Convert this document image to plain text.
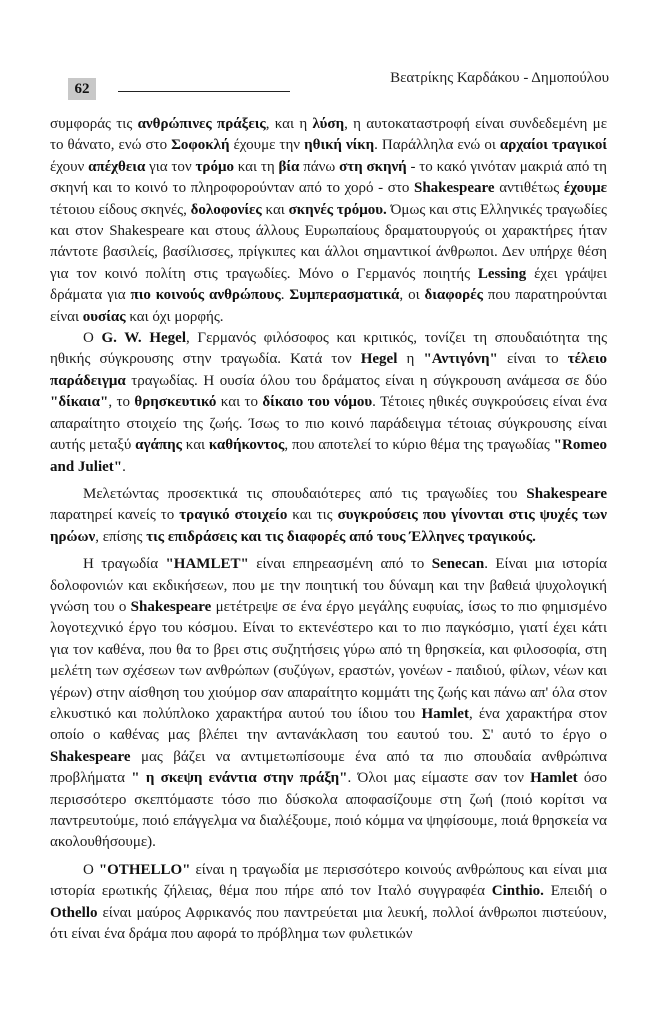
62
Βεατρίκης Καρδάκου - Δημοπούλου

συμφοράς τις ανθρώπινες πράξεις, και η λύση, η αυτοκαταστροφή είναι συνδεδεμένη με το θάνατο, ενώ στο Σοφοκλή έχουμε την ηθική νίκη. Παράλληλα ενώ οι αρχαίοι τραγικοί έχουν απέχθεια για τον τρόμο και τη βία πάνω στη σκηνή - το κακό γινόταν μακριά από τη σκηνή και το κοινό το πληροφορούνταν από το χορό - στο Shakespeare αντιθέτως έχουμε τέτοιου είδους σκηνές, δολοφονίες και σκηνές τρόμου. Όμως και στις Ελληνικές τραγωδίες και στον Shakespeare και στους άλλους Ευρωπαίους δραματουργούς οι χαρακτήρες ήταν πάντοτε βασιλείς, βασίλισσες, πρίγκιπες και άλλοι σημαντικοί άνθρωποι. Δεν υπήρχε θέση για τον κοινό πολίτη στις τραγωδίες. Μόνο ο Γερμανός ποιητής Lessing έχει γράψει δράματα για πιο κοινούς ανθρώπους. Συμπερασματικά, οι διαφορές που παρατηρούνται είναι ουσίας και όχι μορφής.

Ο G. W. Hegel, Γερμανός φιλόσοφος και κριτικός, τονίζει τη σπουδαιότητα της ηθικής σύγκρουσης στην τραγωδία. Κατά τον Hegel η "Αντιγόνη" είναι το τέλειο παράδειγμα τραγωδίας. Η ουσία όλου του δράματος είναι η σύγκρουση ανάμεσα σε δύο "δίκαια", το θρησκευτικό και το δίκαιο του νόμου. Τέτοιες ηθικές συγκρούσεις είναι ένα απαραίτητο στοιχείο της ζωής. Ίσως το πιο κοινό παράδειγμα τέτοιας σύγκρουσης είναι αυτής μεταξύ αγάπης και καθήκοντος, που αποτελεί το κύριο θέμα της τραγωδίας "Romeo and Juliet".

Μελετώντας προσεκτικά τις σπουδαιότερες από τις τραγωδίες του Shakespeare παρατηρεί κανείς το τραγικό στοιχείο και τις συγκρούσεις που γίνονται στις ψυχές των ηρώων, επίσης τις επιδράσεις και τις διαφορές από τους Έλληνες τραγικούς.

Η τραγωδία "HAMLET" είναι επηρεασμένη από το Senecan. Είναι μια ιστορία δολοφονιών και εκδικήσεων, που με την ποιητική του δύναμη και την βαθειά ψυχολογική γνώση του ο Shakespeare μετέτρεψε σε ένα έργο μεγάλης ευφυίας, ίσως το πιο φημισμένο λογοτεχνικό έργο του κόσμου. Είναι το εκτενέστερο και το πιο παγκόσμιο, γιατί έχει κάτι για τον καθένα, που θα το βρει στις συζητήσεις γύρω από τη θρησκεία, και φιλοσοφία, στη μελέτη των σχέσεων των ανθρώπων (συζύγων, εραστών, γονέων - παιδιού, φίλων, νέων και γέρων) στην αίσθηση του χιούμορ σαν απαραίτητο κομμάτι της ζωής και πάνω απ' όλα στον ελκυστικό και πολύπλοκο χαρακτήρα αυτού του ίδιου του Hamlet, ένα χαρακτήρα στον οποίο ο καθένας μας βλέπει την αντανάκλαση του εαυτού του. Σ' αυτό το έργο ο Shakespeare μας βάζει να αντιμετωπίσουμε ένα από τα πιο σπουδαία ανθρώπινα προβλήματα " η σκεψη ενάντια στην πράξη". Όλοι μας είμαστε σαν τον Hamlet όσο περισσότερο σκεπτόμαστε τόσο πιο δύσκολα αποφασίζουμε στη ζωή (ποιό κορίτσι να παντρευτούμε, ποιό επάγγελμα να διαλέξουμε, ποιό κόμμα να ψηφίσουμε, ποιά θρησκεία να ακολουθήσουμε).

Ο "OTHELLO" είναι η τραγωδία με περισσότερο κοινούς ανθρώπους και είναι μια ιστορία ερωτικής ζήλειας, θέμα που πήρε από τον Ιταλό συγγραφέα Cinthio. Επειδή ο Othello είναι μαύρος Αφρικανός που παντρεύεται μια λευκή, πολλοί άνθρωποι πιστεύουν, ότι είναι ένα δράμα που αφορά το πρόβλημα των φυλετικών
